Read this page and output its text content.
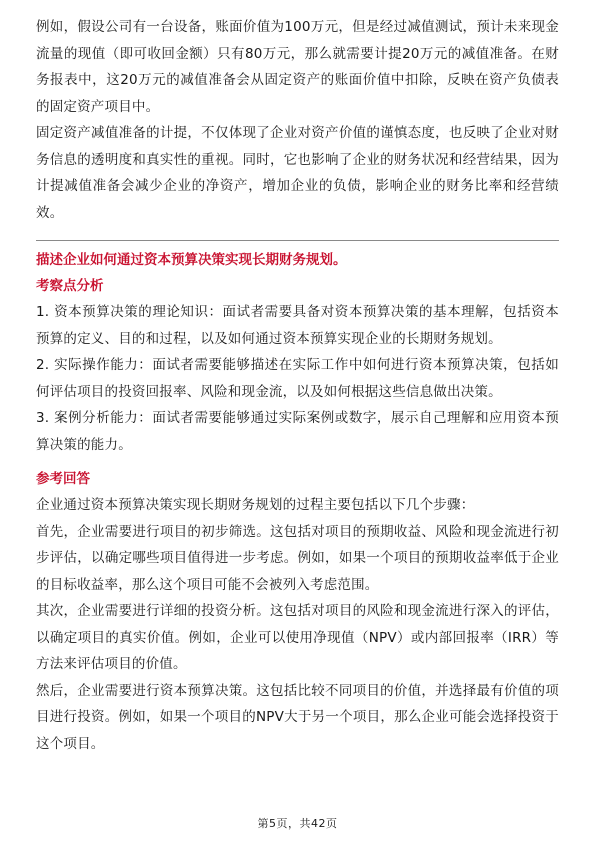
例如，假设公司有一台设备，账面价值为100万元，但是经过减值测试，预计未来现金流量的现值（即可收回金额）只有80万元，那么就需要计提20万元的减值准备。在财务报表中，这20万元的减值准备会从固定资产的账面价值中扣除，反映在资产负债表的固定资产项目中。

固定资产减值准备的计提，不仅体现了企业对资产价值的谨慎态度，也反映了企业对财务信息的透明度和真实性的重视。同时，它也影响了企业的财务状况和经营结果，因为计提减值准备会减少企业的净资产，增加企业的负债，影响企业的财务比率和经营绩效。

描述企业如何通过资本预算决策实现长期财务规划。

考察点分析

1. 资本预算决策的理论知识：面试者需要具备对资本预算决策的基本理解，包括资本预算的定义、目的和过程，以及如何通过资本预算实现企业的长期财务规划。

2. 实际操作能力：面试者需要能够描述在实际工作中如何进行资本预算决策，包括如何评估项目的投资回报率、风险和现金流，以及如何根据这些信息做出决策。

3. 案例分析能力：面试者需要能够通过实际案例或数字，展示自己理解和应用资本预算决策的能力。

参考回答

企业通过资本预算决策实现长期财务规划的过程主要包括以下几个步骤：

首先，企业需要进行项目的初步筛选。这包括对项目的预期收益、风险和现金流进行初步评估，以确定哪些项目值得进一步考虑。例如，如果一个项目的预期收益率低于企业的目标收益率，那么这个项目可能不会被列入考虑范围。

其次，企业需要进行详细的投资分析。这包括对项目的风险和现金流进行深入的评估，以确定项目的真实价值。例如，企业可以使用净现值（NPV）或内部回报率（IRR）等方法来评估项目的价值。

然后，企业需要进行资本预算决策。这包括比较不同项目的价值，并选择最有价值的项目进行投资。例如，如果一个项目的NPV大于另一个项目，那么企业可能会选择投资于这个项目。

第5页，共42页
